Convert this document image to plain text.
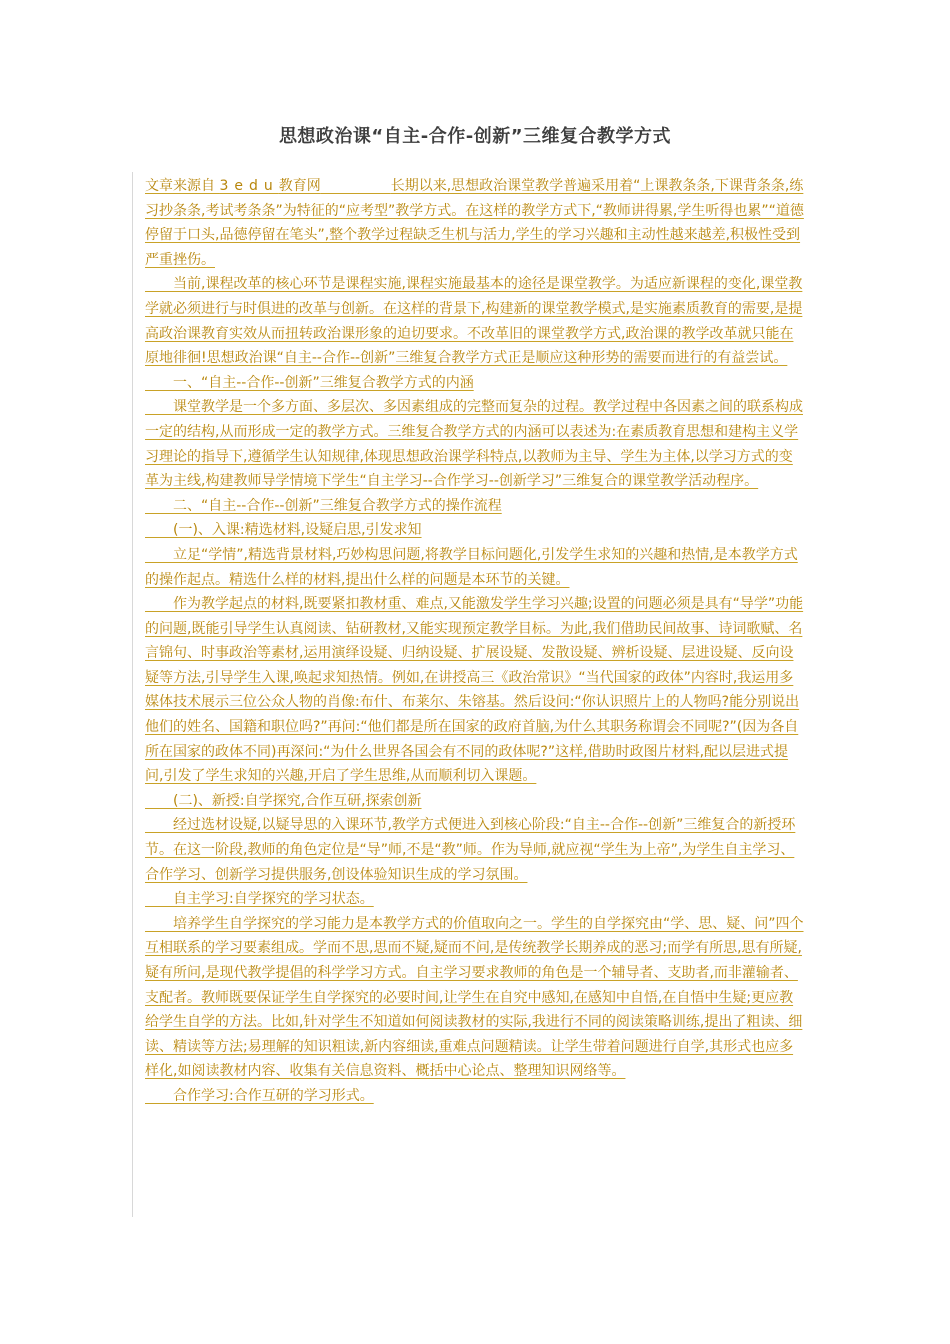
思想政治课“自主-合作-创新”三维复合教学方式

文章来源自 3edu教育网　　　　　	长期以来,思想政治课堂教学普遍采用着“上课教条条,下课背条条,练习抄条条,考试考条条”为特征的“应考型”教学方式。在这样的教学方式下,“教师讲得累,学生听得也累”“道德停留于口头,品德停留在笔头”,整个教学过程缺乏生机与活力,学生的学习兴趣和主动性越来越差,积极性受到严重挫伤。

　　当前,课程改革的核心环节是课程实施,课程实施最基本的途径是课堂教学。为适应新课程的变化,课堂教学就必须进行与时俱进的改革与创新。在这样的背景下,构建新的课堂教学模式,是实施素质教育的需要,是提高政治课教育实效从而扭转政治课形象的迫切要求。不改革旧的课堂教学方式,政治课的教学改革就只能在原地徘徊!思想政治课“自主--合作--创新”三维复合教学方式正是顺应这种形势的需要而进行的有益尝试。

　　一、“自主--合作--创新”三维复合教学方式的内涵

　　课堂教学是一个多方面、多层次、多因素组成的完整而复杂的过程。教学过程中各因素之间的联系构成一定的结构,从而形成一定的教学方式。三维复合教学方式的内涵可以表述为:在素质教育思想和建构主义学习理论的指导下,遵循学生认知规律,体现思想政治课学科特点,以教师为主导、学生为主体,以学习方式的变革为主线,构建教师导学情境下学生“自主学习--合作学习--创新学习”三维复合的课堂教学活动程序。

　　二、“自主--合作--创新”三维复合教学方式的操作流程

　　(一)、入课:精选材料,设疑启思,引发求知

　　立足“学情”,精选背景材料,巧妙构思问题,将教学目标问题化,引发学生求知的兴趣和热情,是本教学方式的操作起点。精选什么样的材料,提出什么样的问题是本环节的关键。

　　作为教学起点的材料,既要紧扣教材重、难点,又能激发学生学习兴趣;设置的问题必须是具有“导学”功能的问题,既能引导学生认真阅读、钻研教材,又能实现预定教学目标。为此,我们借助民间故事、诗词歌赋、名言锦句、时事政治等素材,运用演绎设疑、归纳设疑、扩展设疑、发散设疑、辨析设疑、层进设疑、反向设疑等方法,引导学生入课,唤起求知热情。例如,在讲授高三《政治常识》“当代国家的政体”内容时,我运用多媒体技术展示三位公众人物的肖像:布什、布莱尔、朱镕基。然后设问:“你认识照片上的人物吗?能分别说出他们的姓名、国籍和职位吗?”再问:“他们都是所在国家的政府首脑,为什么其职务称谓会不同呢?”(因为各自所在国家的政体不同)再深问:“为什么世界各国会有不同的政体呢?”这样,借助时政图片材料,配以层进式提问,引发了学生求知的兴趣,开启了学生思维,从而顺利切入课题。

　　(二)、新授:自学探究,合作互研,探索创新

　　经过选材设疑,以疑导思的入课环节,教学方式便进入到核心阶段:“自主--合作--创新”三维复合的新授环节。在这一阶段,教师的角色定位是“导”师,不是“教”师。作为导师,就应视“学生为上帝”,为学生自主学习、合作学习、创新学习提供服务,创设体验知识生成的学习氛围。

　　自主学习:自学探究的学习状态。

　　培养学生自学探究的学习能力是本教学方式的价值取向之一。学生的自学探究由“学、思、疑、问”四个互相联系的学习要素组成。学而不思,思而不疑,疑而不问,是传统教学长期养成的恶习;而学有所思,思有所疑,疑有所问,是现代教学提倡的科学学习方式。自主学习要求教师的角色是一个辅导者、支助者,而非灌输者、支配者。教师既要保证学生自学探究的必要时间,让学生在自究中感知,在感知中自悟,在自悟中生疑;更应教给学生自学的方法。比如,针对学生不知道如何阅读教材的实际,我进行不同的阅读策略训练,提出了粗读、细读、精读等方法;易理解的知识粗读,新内容细读,重难点问题精读。让学生带着问题进行自学,其形式也应多样化,如阅读教材内容、收集有关信息资料、概括中心论点、整理知识网络等。

　　合作学习:合作互研的学习形式。
